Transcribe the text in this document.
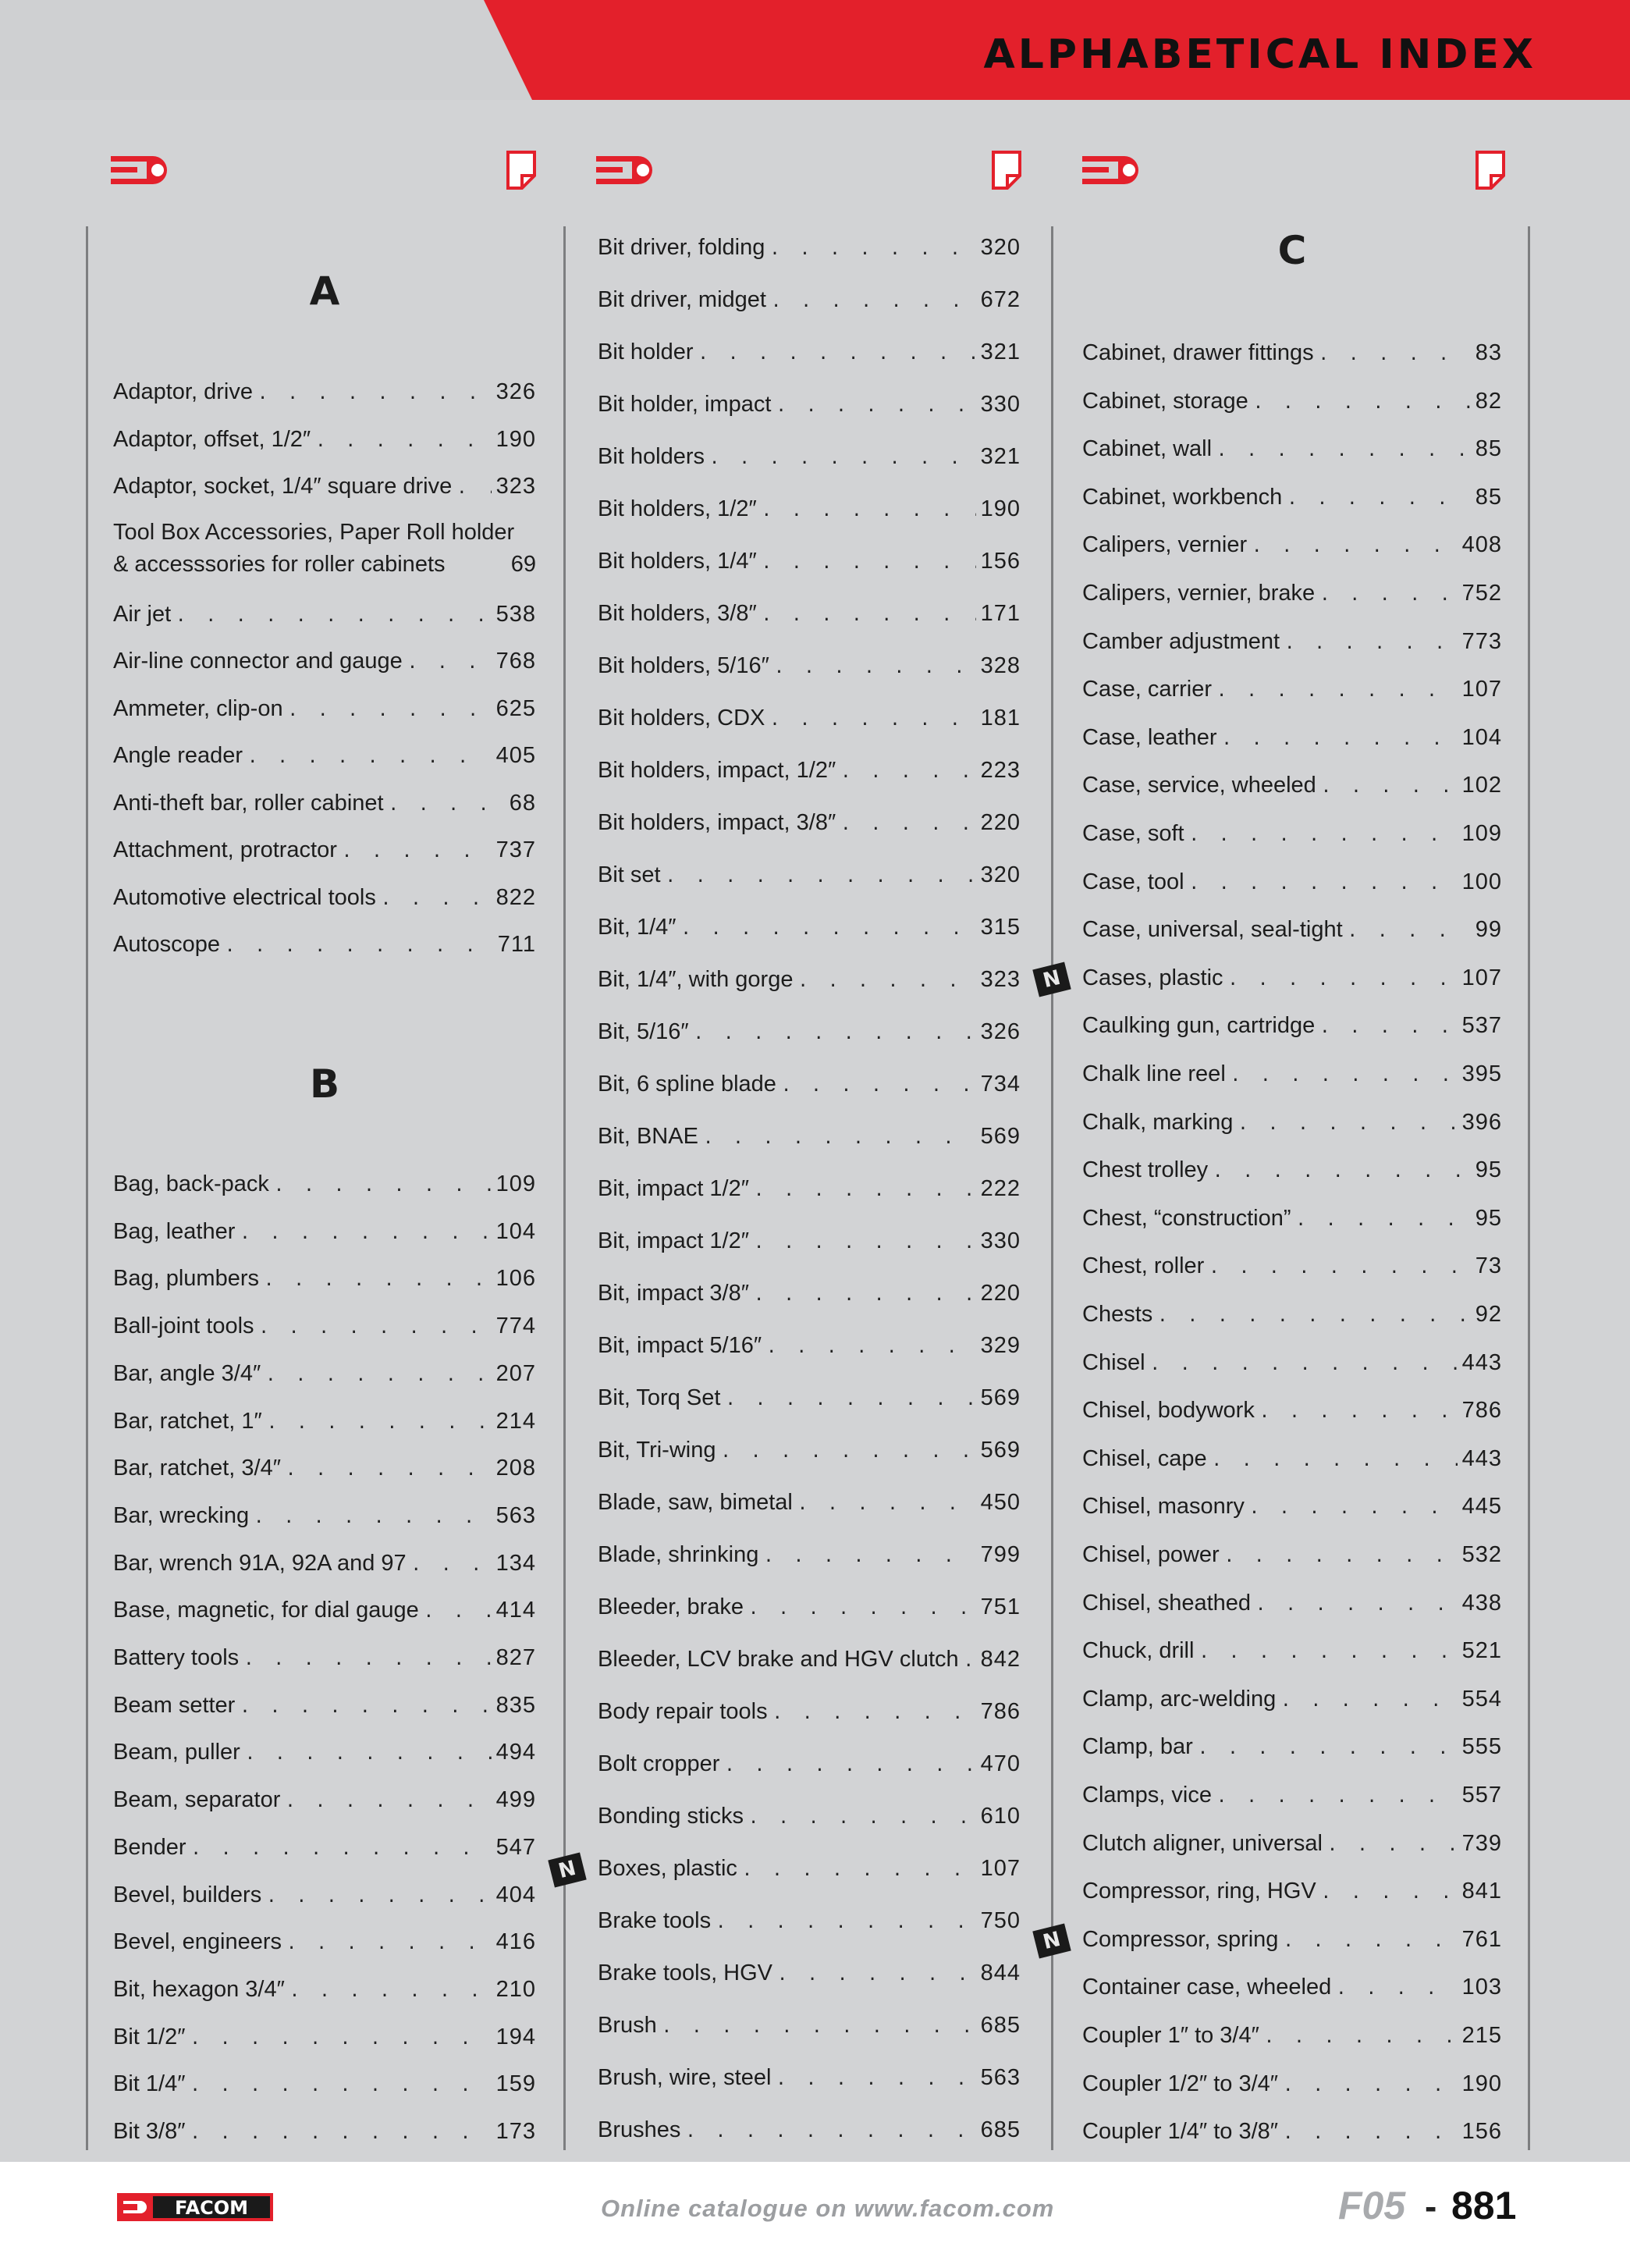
ALPHABETICAL INDEX
A
Adaptor, drive . . .	326
Adaptor, offset, 1/2″ . . .	190
Adaptor, socket, 1/4″ square drive . . . 323
Tool Box Accessories, Paper Roll holder
& accesssories for roller cabinets	69
Air jet . . .	538
Air-line connector and gauge . . .	768
Ammeter, clip-on . . .	625
Angle reader . . .	405
Anti-theft bar, roller cabinet . . .	68
Attachment, protractor . . .	737
Automotive electrical tools . . .	822
Autoscope . . .	711
B
Bag, back-pack . . .	109
Bag, leather . . .	104
Bag, plumbers . . .	106
Ball-joint tools . . .	774
Bar, angle 3/4″ . . .	207
Bar, ratchet, 1″ . . .	214
Bar, ratchet, 3/4″ . . .	208
Bar, wrecking . . .	563
Bar, wrench 91A, 92A and 97 . . .	134
Base, magnetic, for dial gauge . . .	414
Battery tools . . .	827
Beam setter . . .	835
Beam, puller . . .	494
Beam, separator . . .	499
Bender . . .	547
Bevel, builders . . .	404
Bevel, engineers . . .	416
Bit, hexagon 3/4″ . . .	210
Bit 1/2″ . . .	194
Bit 1/4″ . . .	159
Bit 3/8″ . . .	173
Bit driver, folding . . .	320
Bit driver, midget . . .	672
Bit holder . . .	321
Bit holder, impact . . .	330
Bit holders . . .	321
Bit holders, 1/2″ . . .	190
Bit holders, 1/4″ . . .	156
Bit holders, 3/8″ . . .	171
Bit holders, 5/16″ . . .	328
Bit holders, CDX . . .	181
Bit holders, impact, 1/2″ . . .	223
Bit holders, impact, 3/8″ . . .	220
Bit set . . .	320
Bit, 1/4″ . . .	315
Bit, 1/4″, with gorge . . .	323
Bit, 5/16″ . . .	326
Bit, 6 spline blade . . .	734
Bit, BNAE . . .	569
Bit, impact 1/2″ . . .	222
Bit, impact 1/2″ . . .	330
Bit, impact 3/8″ . . .	220
Bit, impact 5/16″ . . .	329
Bit, Torq Set . . .	569
Bit, Tri-wing . . .	569
Blade, saw, bimetal . . .	450
Blade, shrinking . . .	799
Bleeder, brake . . .	751
Bleeder, LCV brake and HGV clutch . . . 842
Body repair tools . . .	786
Bolt cropper . . .	470
Bonding sticks . . .	610
Boxes, plastic . . .	107
N
Brake tools . . .	750
Brake tools, HGV . . .	844
Brush . . .	685
Brush, wire, steel . . .	563
Brushes . . .	685
C
Cabinet, drawer fittings . . .	83
Cabinet, storage . . .	82
Cabinet, wall . . .	85
Cabinet, workbench . . .	85
Calipers, vernier . . .	408
Calipers, vernier, brake . . .	752
Camber adjustment . . .	773
Case, carrier . . .	107
Case, leather . . .	104
Case, service, wheeled . . .	102
Case, soft . . .	109
Case, tool . . .	100
Case, universal, seal-tight . . .	99
Cases, plastic . . .	107
N
Caulking gun, cartridge . . .	537
Chalk line reel . . .	395
Chalk, marking . . .	396
Chest trolley . . .	95
Chest, “construction” . . .	95
Chest, roller . . .	73
Chests . . .	92
Chisel . . .	443
Chisel, bodywork . . .	786
Chisel, cape . . .	443
Chisel, masonry . . .	445
Chisel, power . . .	532
Chisel, sheathed . . .	438
Chuck, drill . . .	521
Clamp, arc-welding . . .	554
Clamp, bar . . .	555
Clamps, vice . . .	557
Clutch aligner, universal . . .	739
Compressor, ring, HGV . . .	841
Compressor, spring . . .	761
N
Container case, wheeled . . .	103
Coupler 1″ to 3/4″ . . .	215
Coupler 1/2″ to 3/4″ . . .	190
Coupler 1/4″ to 3/8″ . . .	156
FACOM	Online catalogue on www.facom.com	F05 - 881
